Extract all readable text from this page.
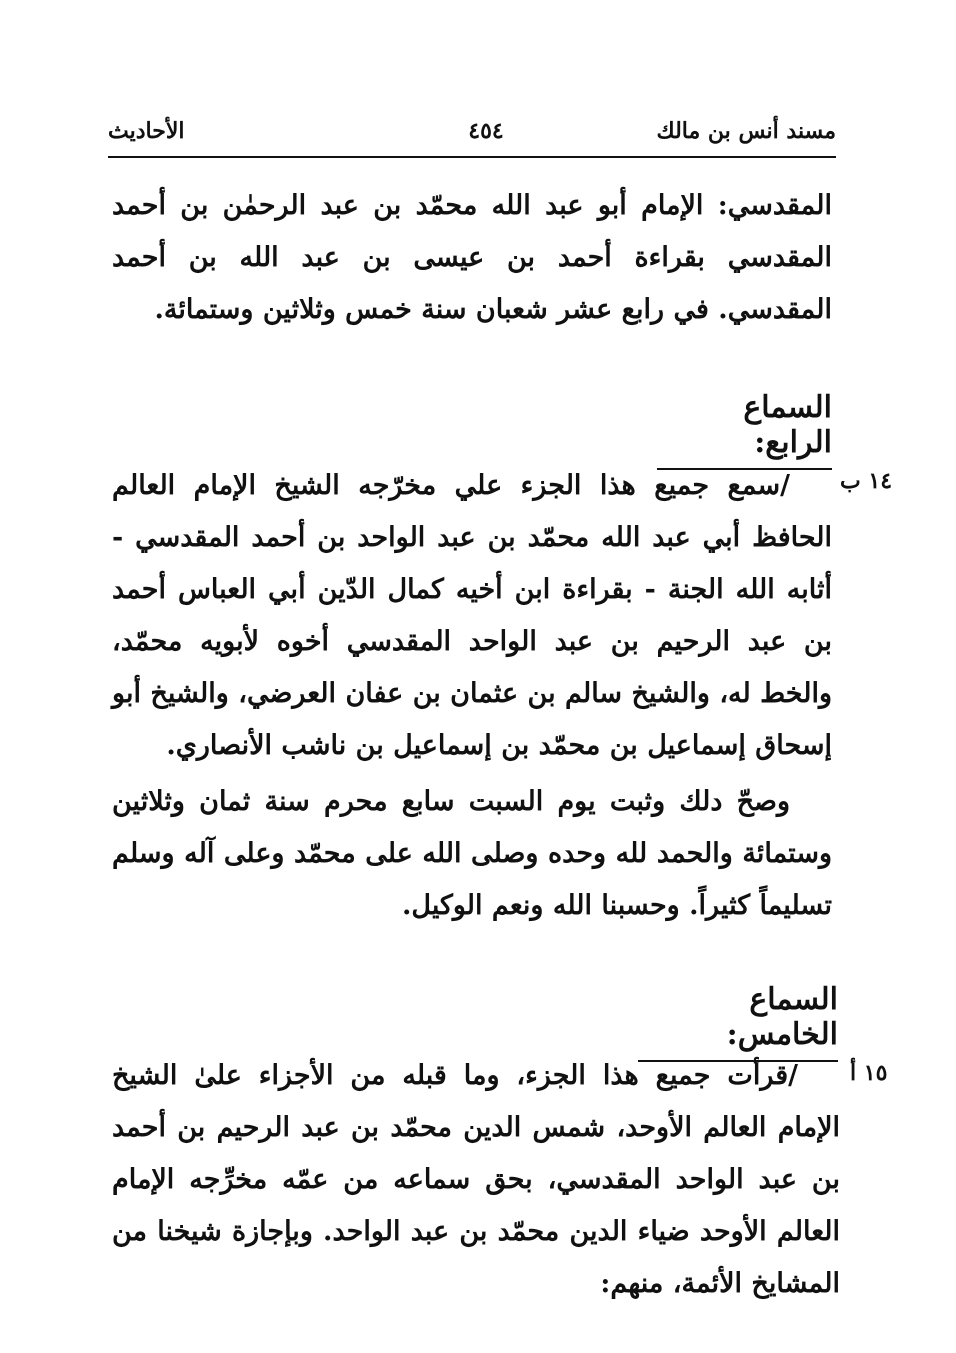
مسند أنس بن مالك
٤٥٤
الأحاديث

المقدسي: الإمام أبو عبد الله محمّد بن عبد الرحمٰن بن أحمد المقدسي بقراءة أحمد بن عيسى بن عبد الله بن أحمد المقدسي. في رابع عشر شعبان سنة خمس وثلاثين وستمائة.

السماع الرابع:
١٤ ب

/سمع جميع هذا الجزء علي مخرّجه الشيخ الإمام العالم الحافظ أبي عبد الله محمّد بن عبد الواحد بن أحمد المقدسي - أثابه الله الجنة - بقراءة ابن أخيه كمال الدّين أبي العباس أحمد بن عبد الرحيم بن عبد الواحد المقدسي أخوه لأبويه محمّد، والخط له، والشيخ سالم بن عثمان بن عفان العرضي، والشيخ أبو إسحاق إسماعيل بن محمّد بن إسماعيل بن ناشب الأنصاري.

وصحّ دلك وثبت يوم السبت سابع محرم سنة ثمان وثلاثين وستمائة والحمد لله وحده وصلى الله على محمّد وعلى آله وسلم تسليماً كثيراً. وحسبنا الله ونعم الوكيل.

السماع الخامس:
١٥ أ

/قرأت جميع هذا الجزء، وما قبله من الأجزاء علىٰ الشيخ الإمام العالم الأوحد، شمس الدين محمّد بن عبد الرحيم بن أحمد بن عبد الواحد المقدسي، بحق سماعه من عمّه مخرِّجه الإمام العالم الأوحد ضياء الدين محمّد بن عبد الواحد. وبإجازة شيخنا من المشايخ الأئمة، منهم:
